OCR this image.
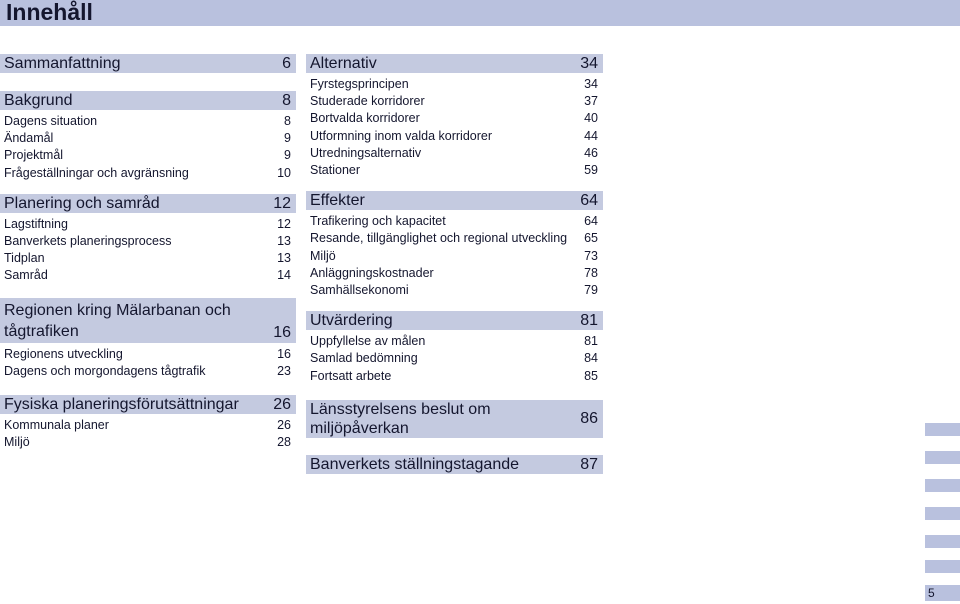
Innehåll
Sammanfattning	6
Bakgrund	8
Dagens situation	8
Ändamål	9
Projektmål	9
Frågeställningar och avgränsning	10
Planering och samråd	12
Lagstiftning	12
Banverkets planeringsprocess	13
Tidplan	13
Samråd	14
Regionen kring Mälarbanan och
tågtrafiken	16
Regionens utveckling	16
Dagens och morgondagens tågtrafik	23
Fysiska planeringsförutsättningar	26
Kommunala planer	26
Miljö	28
Alternativ	34
Fyrstegsprincipen	34
Studerade korridorer	37
Bortvalda korridorer	40
Utformning inom valda korridorer	44
Utredningsalternativ	46
Stationer	59
Effekter	64
Trafikering och kapacitet	64
Resande, tillgänglighet och regional utveckling 65
Miljö	73
Anläggningskostnader	78
Samhällsekonomi	79
Utvärdering	81
Uppfyllelse av målen	81
Samlad bedömning	84
Fortsatt arbete	85
Länsstyrelsens beslut om miljöpåverkan
86
Banverkets ställningstagande	87
5
